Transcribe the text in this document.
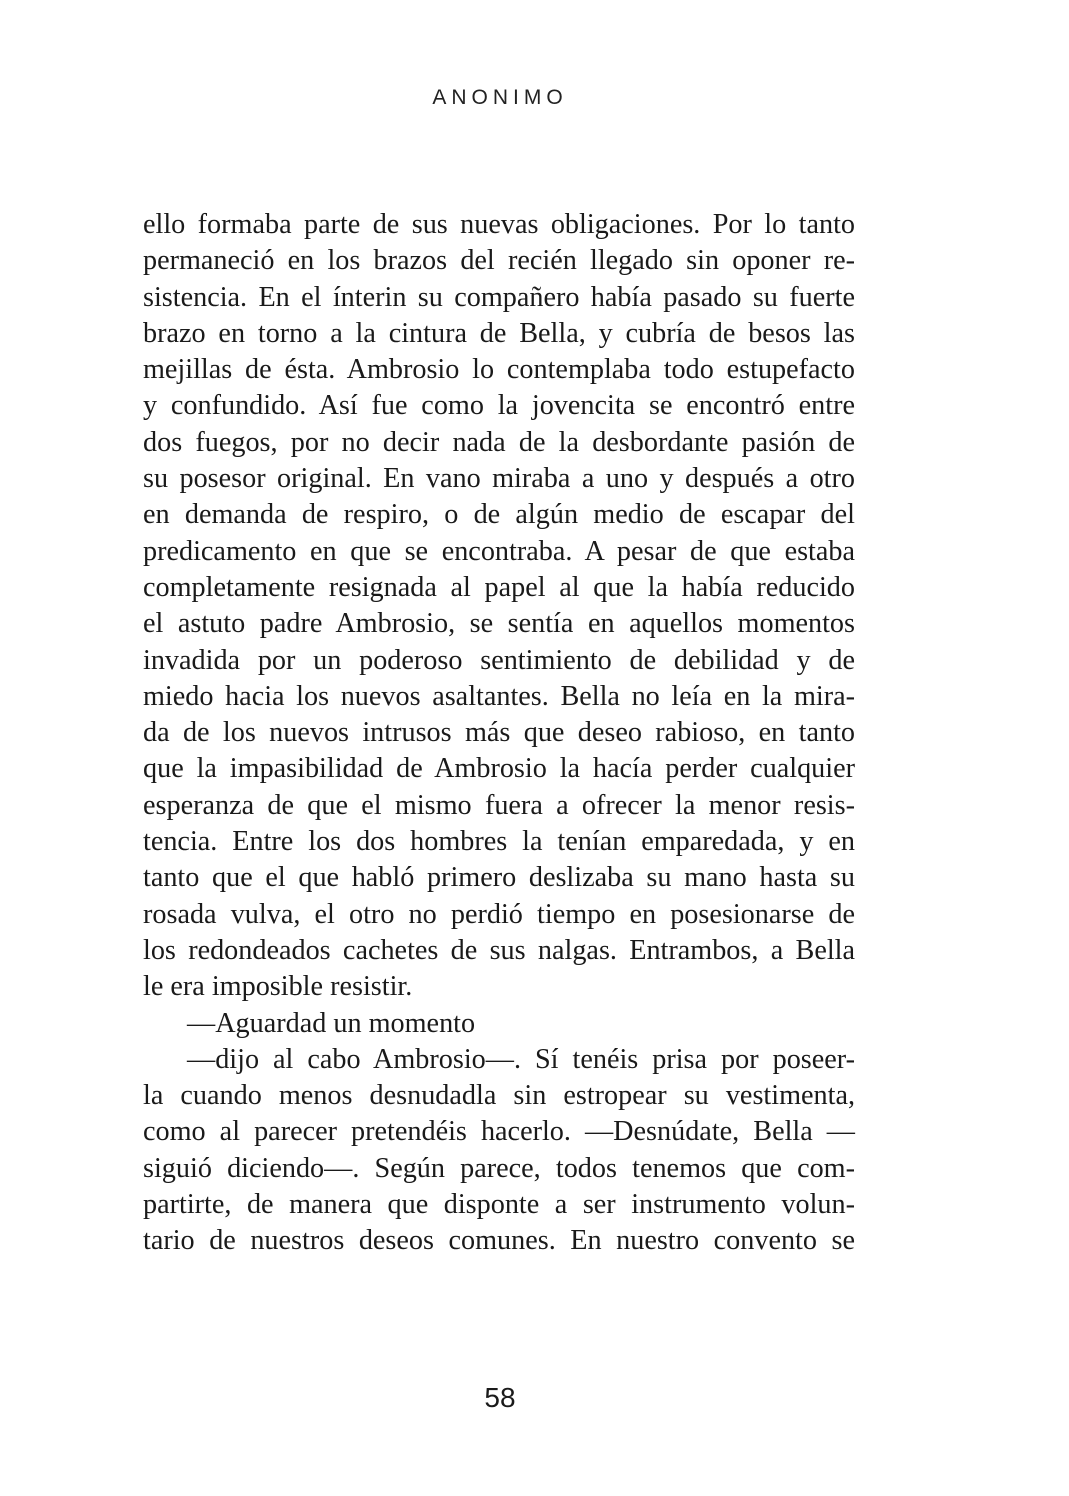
ANONIMO
ello formaba parte de sus nuevas obligaciones. Por lo tanto
permaneció en los brazos del recién llegado sin oponer re-
sistencia. En el ínterin su compañero había pasado su fuerte
brazo en torno a la cintura de Bella, y cubría de besos las
mejillas de ésta. Ambrosio lo contemplaba todo estupefacto
y confundido. Así fue como la jovencita se encontró entre
dos fuegos, por no decir nada de la desbordante pasión de
su posesor original. En vano miraba a uno y después a otro
en demanda de respiro, o de algún medio de escapar del
predicamento en que se encontraba. A pesar de que estaba
completamente resignada al papel al que la había reducido
el astuto padre Ambrosio, se sentía en aquellos momentos
invadida por un poderoso sentimiento de debilidad y de
miedo hacia los nuevos asaltantes. Bella no leía en la mira-
da de los nuevos intrusos más que deseo rabioso, en tanto
que la impasibilidad de Ambrosio la hacía perder cualquier
esperanza de que el mismo fuera a ofrecer la menor resis-
tencia. Entre los dos hombres la tenían emparedada, y en
tanto que el que habló primero deslizaba su mano hasta su
rosada vulva, el otro no perdió tiempo en posesionarse de
los redondeados cachetes de sus nalgas. Entrambos, a Bella
le era imposible resistir.
—Aguardad un momento
—dijo al cabo Ambrosio—. Sí tenéis prisa por poseer-
la cuando menos desnudadla sin estropear su vestimenta,
como al parecer pretendéis hacerlo. —Desnúdate, Bella —
siguió diciendo—. Según parece, todos tenemos que com-
partirte, de manera que disponte a ser instrumento volun-
tario de nuestros deseos comunes. En nuestro convento se
58
